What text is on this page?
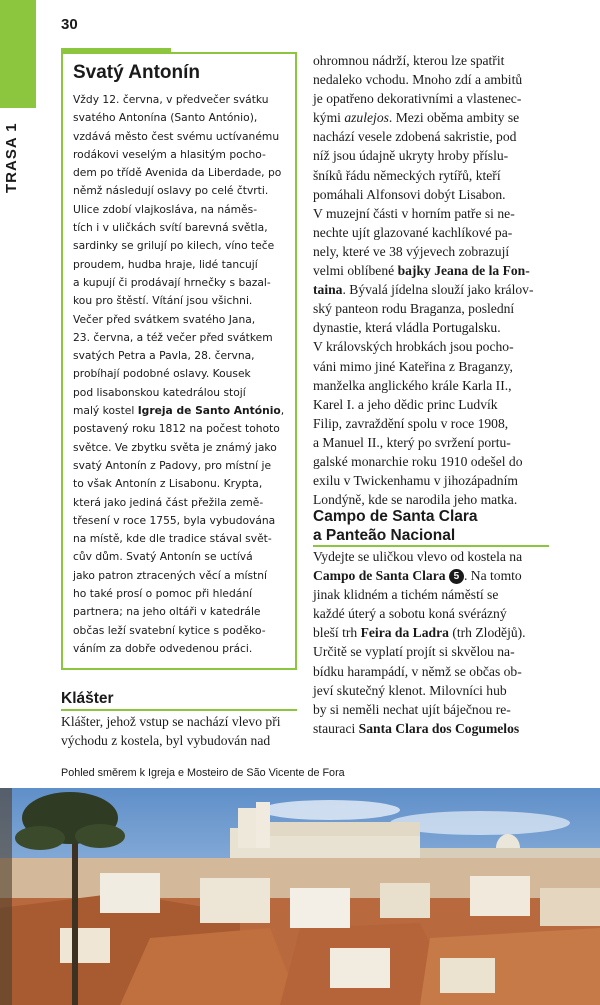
30
TRASA 1
Svatý Antonín
Vždy 12. června, v předvečer svátku
svatého Antonína (Santo António),
vzdává město čest svému uctívanému
rodákovi veselým a hlasitým pocho-
dem po třídě Avenida da Liberdade, po
němž následují oslavy po celé čtvrti.
Ulice zdobí vlajkosláva, na náměs-
tích i v uličkách svítí barevná světla,
sardinky se grilují po kilech, víno teče
proudem, hudba hraje, lidé tancují
a kupují či prodávají hrnečky s bazal-
kou pro štěstí. Vítání jsou všichni.
Večer před svátkem svatého Jana,
23. června, a též večer před svátkem
svatých Petra a Pavla, 28. června,
probíhají podobné oslavy. Kousek
pod lisabonskou katedrálou stojí
malý kostel Igreja de Santo António, postavený roku 1812 na počest tohoto
světce. Ve zbytku světa je známý jako
svatý Antonín z Padovy, pro místní je
to však Antonín z Lisabonu. Krypta,
která jako jediná část přežila země-
třesení v roce 1755, byla vybudována
na místě, kde dle tradice stával svět-
cův dům. Svatý Antonín se uctívá
jako patron ztracených věcí a místní
ho také prosí o pomoc při hledání
partnera; na jeho oltáři v katedrále
občas leží svatební kytice s poděko-
váním za dobře odvedenou práci.
Klášter
Klášter, jehož vstup se nachází vlevo při
východu z kostela, byl vybudován nad
ohromnou nádrží, kterou lze spatřit
nedaleko vchodu. Mnoho zdí a ambitů
je opatřeno dekorativními a vlastenec-
kými azulejos. Mezi oběma ambity se
nachází vesele zdobená sakristie, pod
níž jsou údajně ukryty hroby příslu-
šníků řádu německých rytířů, kteří
pomáhali Alfonsovi dobýt Lisabon.
V muzejní části v horním patře si ne-
nechte ujít glazované kachlíkové pa-
nely, které ve 38 výjevech zobrazují
velmi oblíbené bajky Jeana de la Fon-
taina. Bývalá jídelna slouží jako králov-
ský panteon rodu Braganza, poslední
dynastie, která vládla Portugalsku.
V královských hrobkách jsou pocho-
váni mimo jiné Kateřina z Braganzy,
manželka anglického krále Karla II.,
Karel I. a jeho dědic princ Ludvík
Filip, zavraždění spolu v roce 1908,
a Manuel II., který po svržení portu-
galské monarchie roku 1910 odešel do
exilu v Twickenhamu v jihozápadním
Londýně, kde se narodila jeho matka.
Campo de Santa Clara
a Panteão Nacional
Vydejte se uličkou vlevo od kostela na
Campo de Santa Clara 5 . Na tomto
jinak klidném a tichém náměstí se
každé úterý a sobotu koná svérázný
bleší trh Feira da Ladra (trh Zlodějů).
Určitě se vyplatí projít si skvělou na-
bídku harampádí, v němž se občas ob-
jeví skutečný klenot. Milovníci hub
by si neměli nechat ujít báječnou re-
stauraci Santa Clara dos Cogumelos
Pohled směrem k Igreja e Mosteiro de São Vicente de Fora
